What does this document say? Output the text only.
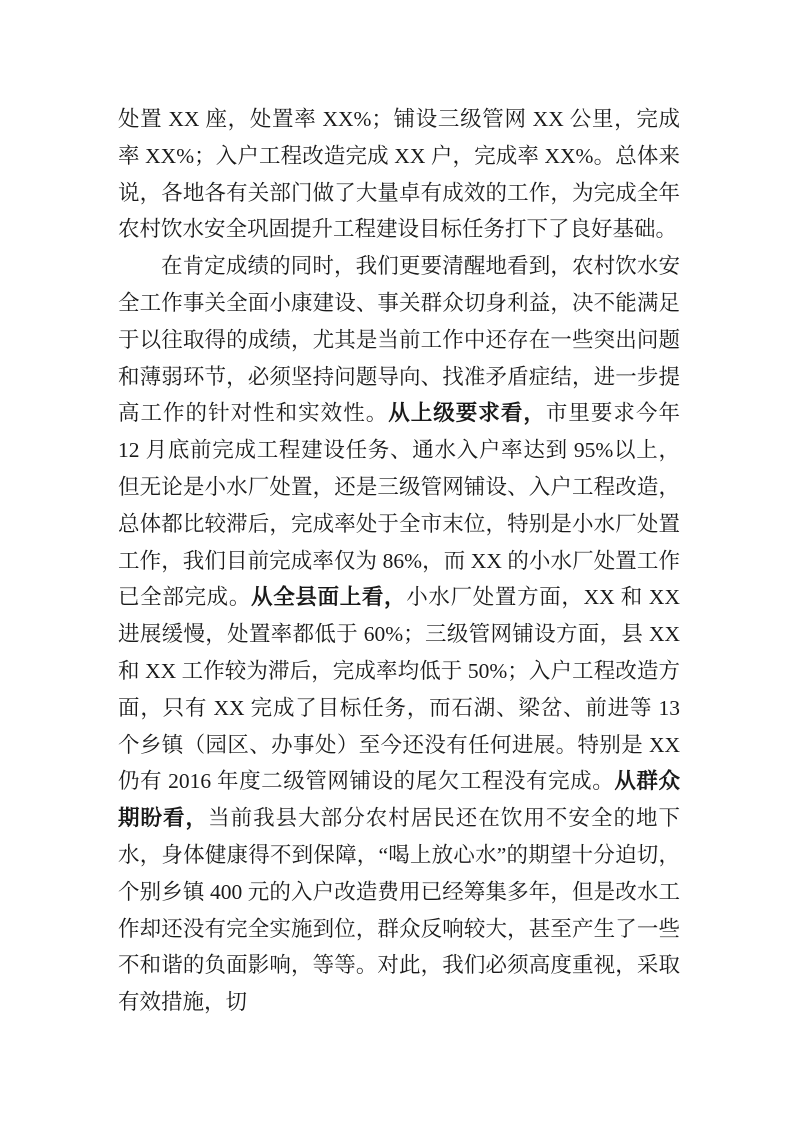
处置 XX 座，处置率 XX%；铺设三级管网 XX 公里，完成率 XX%；入户工程改造完成 XX 户，完成率 XX%。总体来说，各地各有关部门做了大量卓有成效的工作，为完成全年农村饮水安全巩固提升工程建设目标任务打下了良好基础。

在肯定成绩的同时，我们更要清醒地看到，农村饮水安全工作事关全面小康建设、事关群众切身利益，决不能满足于以往取得的成绩，尤其是当前工作中还存在一些突出问题和薄弱环节，必须坚持问题导向、找准矛盾症结，进一步提高工作的针对性和实效性。从上级要求看，市里要求今年 12 月底前完成工程建设任务、通水入户率达到 95%以上，但无论是小水厂处置，还是三级管网铺设、入户工程改造，总体都比较滞后，完成率处于全市末位，特别是小水厂处置工作，我们目前完成率仅为 86%，而 XX 的小水厂处置工作已全部完成。从全县面上看，小水厂处置方面，XX 和 XX 进展缓慢，处置率都低于 60%；三级管网铺设方面，县 XX 和 XX 工作较为滞后，完成率均低于 50%；入户工程改造方面，只有 XX 完成了目标任务，而石湖、梁岔、前进等 13 个乡镇（园区、办事处）至今还没有任何进展。特别是 XX 仍有 2016 年度二级管网铺设的尾欠工程没有完成。从群众期盼看，当前我县大部分农村居民还在饮用不安全的地下水，身体健康得不到保障，“喝上放心水”的期望十分迫切，个别乡镇 400 元的入户改造费用已经筹集多年，但是改水工作却还没有完全实施到位，群众反响较大，甚至产生了一些不和谐的负面影响，等等。对此，我们必须高度重视，采取有效措施，切
